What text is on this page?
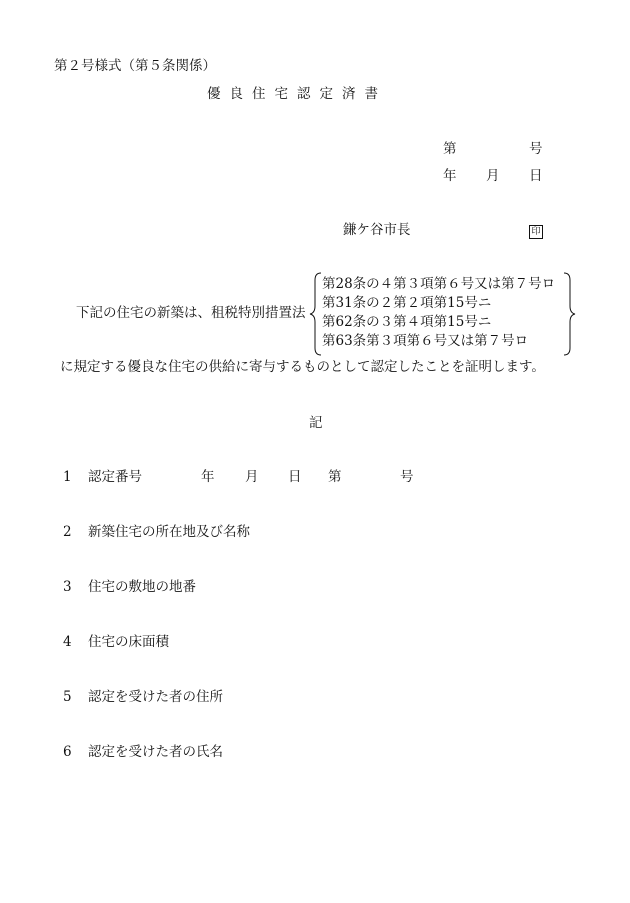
第２号様式（第５条関係）
優良住宅認定済書
第	号
年 月 日
鎌ケ谷市長	印
下記の住宅の新築は、租税特別措置法
第28条の４第３項第６号又は第７号ロ
第31条の２第２項第15号ニ
第62条の３第４項第15号ニ
第63条第３項第６号又は第７号ロ
に規定する優良な住宅の供給に寄与するものとして認定したことを証明します。
記
1 認定番号	年 月 日 第	号
2 新築住宅の所在地及び名称
3 住宅の敷地の地番
4 住宅の床面積
5 認定を受けた者の住所
6 認定を受けた者の氏名
